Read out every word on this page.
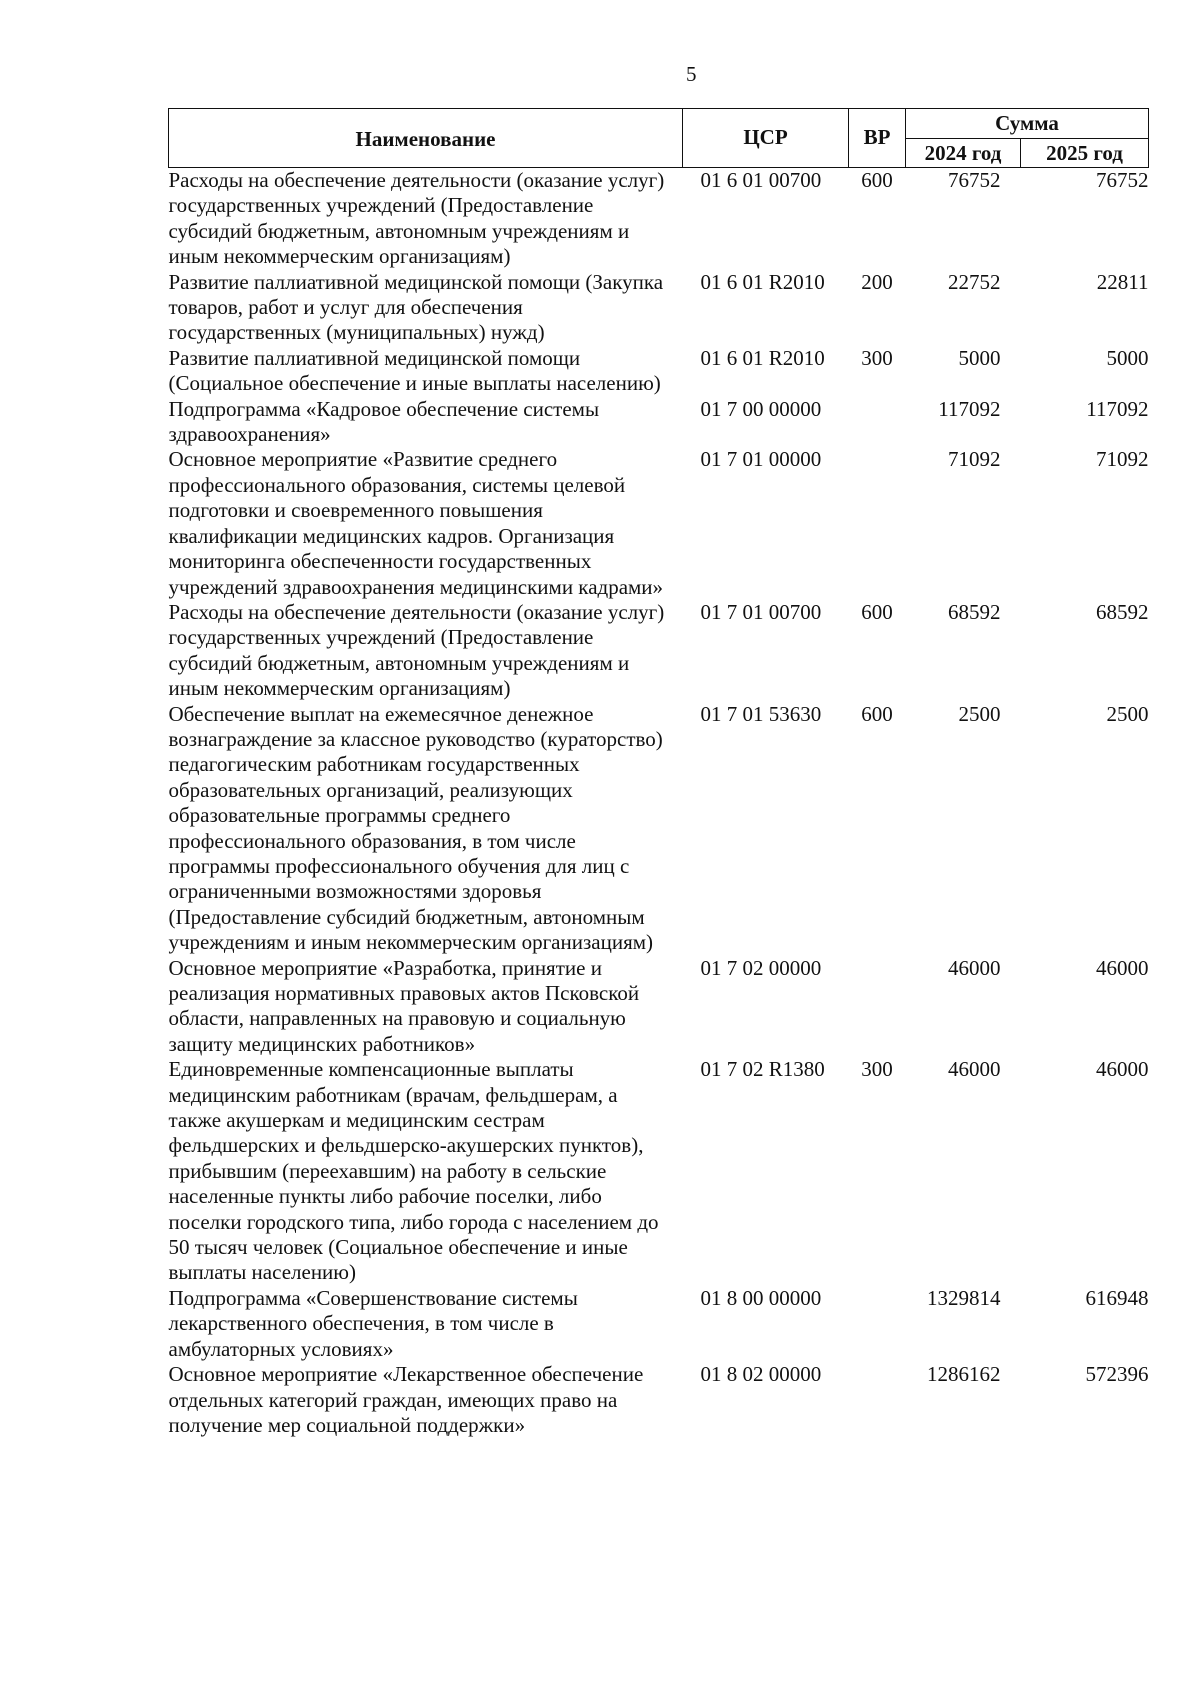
5
Наименование	ЦСР	ВР	Сумма	
			2024 год	2025 год
Расходы на обеспечение деятельности (оказание услуг) государственных учреждений (Предоставление субсидий бюджетным, автономным учреждениям и иным некоммерческим организациям)	01 6 01 00700	600	76752	76752
Развитие паллиативной медицинской помощи (Закупка товаров, работ и услуг для обеспечения государственных (муниципальных) нужд)	01 6 01 R2010	200	22752	22811
Развитие паллиативной медицинской помощи (Социальное обеспечение и иные выплаты населению)	01 6 01 R2010	300	5000	5000
Подпрограмма «Кадровое обеспечение системы здравоохранения»	01 7 00 00000		117092	117092
Основное мероприятие «Развитие среднего профессионального образования, системы целевой подготовки и своевременного повышения квалификации медицинских кадров. Организация мониторинга обеспеченности государственных учреждений здравоохранения медицинскими кадрами»	01 7 01 00000		71092	71092
Расходы на обеспечение деятельности (оказание услуг) государственных учреждений (Предоставление субсидий бюджетным, автономным учреждениям и иным некоммерческим организациям)	01 7 01 00700	600	68592	68592
Обеспечение выплат на ежемесячное денежное вознаграждение за классное руководство (кураторство) педагогическим работникам государственных образовательных организаций, реализующих образовательные программы среднего профессионального образования, в том числе программы профессионального обучения для лиц с ограниченными возможностями здоровья (Предоставление субсидий бюджетным, автономным учреждениям и иным некоммерческим организациям)	01 7 01 53630	600	2500	2500
Основное мероприятие «Разработка, принятие и реализация нормативных правовых актов Псковской области, направленных на правовую и социальную защиту медицинских работников»	01 7 02 00000		46000	46000
Единовременные компенсационные выплаты медицинским работникам (врачам, фельдшерам, а также акушеркам и медицинским сестрам фельдшерских и фельдшерско-акушерских пунктов), прибывшим (переехавшим) на работу в сельские населенные пункты либо рабочие поселки, либо поселки городского типа, либо города с населением до 50 тысяч человек (Социальное обеспечение и иные выплаты населению)	01 7 02 R1380	300	46000	46000
Подпрограмма «Совершенствование системы лекарственного обеспечения, в том числе в амбулаторных условиях»	01 8 00 00000		1329814	616948
Основное мероприятие «Лекарственное обеспечение отдельных категорий граждан, имеющих право на получение мер социальной поддержки»	01 8 02 00000		1286162	572396
